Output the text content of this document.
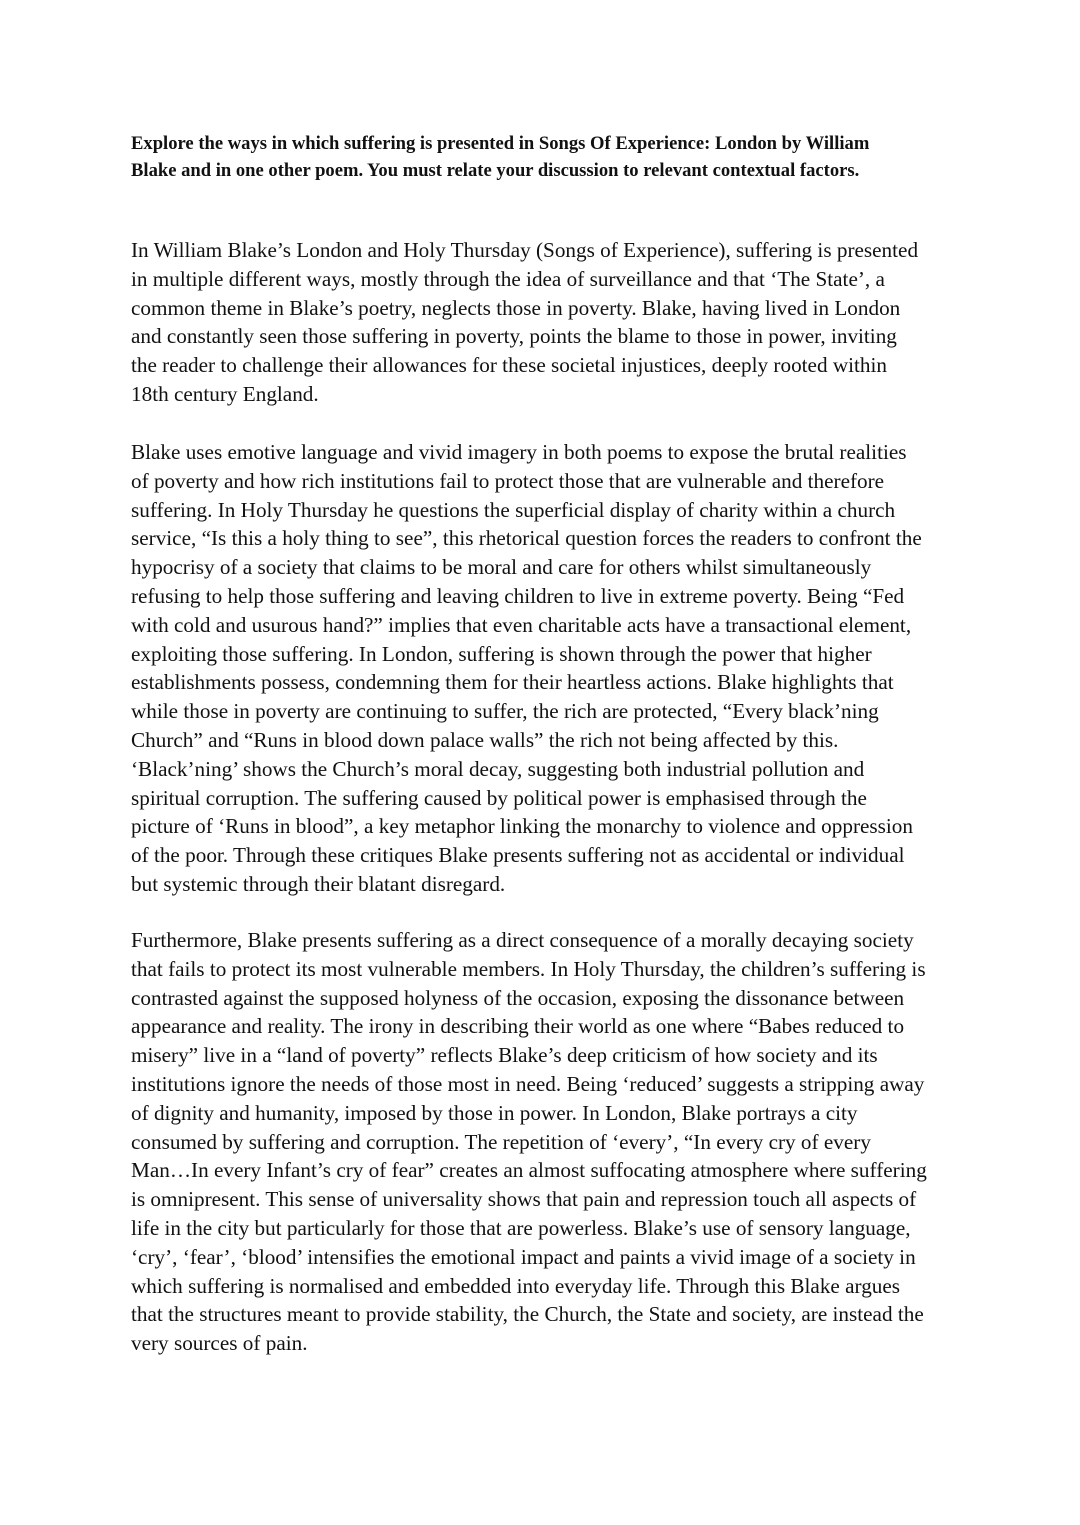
Explore the ways in which suffering is presented in Songs Of Experience: London by William
Blake and in one other poem. You must relate your discussion to relevant contextual factors.

In William Blake’s London and Holy Thursday (Songs of Experience), suffering is presented
in multiple different ways, mostly through the idea of surveillance and that ‘The State’, a
common theme in Blake’s poetry, neglects those in poverty. Blake, having lived in London
and constantly seen those suffering in poverty, points the blame to those in power, inviting
the reader to challenge their allowances for these societal injustices, deeply rooted within
18th century England.

Blake uses emotive language and vivid imagery in both poems to expose the brutal realities
of poverty and how rich institutions fail to protect those that are vulnerable and therefore
suffering. In Holy Thursday he questions the superficial display of charity within a church
service, “Is this a holy thing to see”, this rhetorical question forces the readers to confront the
hypocrisy of a society that claims to be moral and care for others whilst simultaneously
refusing to help those suffering and leaving children to live in extreme poverty. Being “Fed
with cold and usurous hand?” implies that even charitable acts have a transactional element,
exploiting those suffering. In London, suffering is shown through the power that higher
establishments possess, condemning them for their heartless actions. Blake highlights that
while those in poverty are continuing to suffer, the rich are protected, “Every black’ning
Church” and “Runs in blood down palace walls” the rich not being affected by this.
‘Black’ning’ shows the Church’s moral decay, suggesting both industrial pollution and
spiritual corruption. The suffering caused by political power is emphasised through the
picture of ‘Runs in blood”, a key metaphor linking the monarchy to violence and oppression
of the poor. Through these critiques Blake presents suffering not as accidental or individual
but systemic through their blatant disregard.

Furthermore, Blake presents suffering as a direct consequence of a morally decaying society
that fails to protect its most vulnerable members. In Holy Thursday, the children’s suffering is
contrasted against the supposed holyness of the occasion, exposing the dissonance between
appearance and reality. The irony in describing their world as one where “Babes reduced to
misery” live in a “land of poverty” reflects Blake’s deep criticism of how society and its
institutions ignore the needs of those most in need. Being ‘reduced’ suggests a stripping away
of dignity and humanity, imposed by those in power. In London, Blake portrays a city
consumed by suffering and corruption. The repetition of ‘every’, “In every cry of every
Man…In every Infant’s cry of fear” creates an almost suffocating atmosphere where suffering
is omnipresent. This sense of universality shows that pain and repression touch all aspects of
life in the city but particularly for those that are powerless. Blake’s use of sensory language,
‘cry’, ‘fear’, ‘blood’ intensifies the emotional impact and paints a vivid image of a society in
which suffering is normalised and embedded into everyday life. Through this Blake argues
that the structures meant to provide stability, the Church, the State and society, are instead the
very sources of pain.
